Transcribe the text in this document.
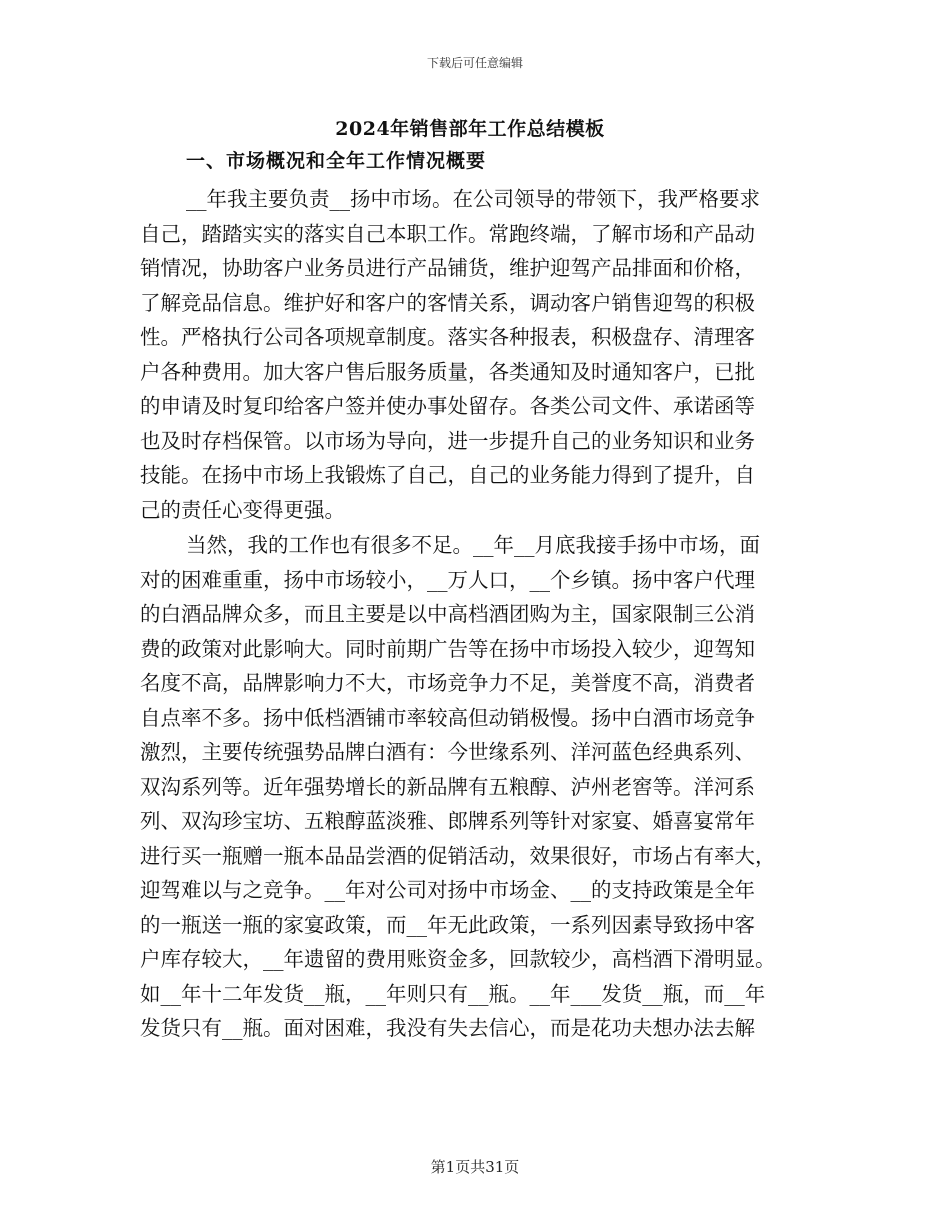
下载后可任意编辑
2024年销售部年工作总结模板
一、市场概况和全年工作情况概要
__年我主要负责__扬中市场。在公司领导的带领下，我严格要求
自己，踏踏实实的落实自己本职工作。常跑终端，了解市场和产品动
销情况，协助客户业务员进行产品铺货，维护迎驾产品排面和价格，
了解竞品信息。维护好和客户的客情关系，调动客户销售迎驾的积极
性。严格执行公司各项规章制度。落实各种报表，积极盘存、清理客
户各种费用。加大客户售后服务质量，各类通知及时通知客户，已批
的申请及时复印给客户签并使办事处留存。各类公司文件、承诺函等
也及时存档保管。以市场为导向，进一步提升自己的业务知识和业务
技能。在扬中市场上我锻炼了自己，自己的业务能力得到了提升，自
己的责任心变得更强。
当然，我的工作也有很多不足。__年__月底我接手扬中市场，面
对的困难重重，扬中市场较小，__万人口，__个乡镇。扬中客户代理
的白酒品牌众多，而且主要是以中高档酒团购为主，国家限制三公消
费的政策对此影响大。同时前期广告等在扬中市场投入较少，迎驾知
名度不高，品牌影响力不大，市场竞争力不足，美誉度不高，消费者
自点率不多。扬中低档酒铺市率较高但动销极慢。扬中白酒市场竞争
激烈，主要传统强势品牌白酒有：今世缘系列、洋河蓝色经典系列、
双沟系列等。近年强势增长的新品牌有五粮醇、泸州老窖等。洋河系
列、双沟珍宝坊、五粮醇蓝淡雅、郎牌系列等针对家宴、婚喜宴常年
进行买一瓶赠一瓶本品品尝酒的促销活动，效果很好，市场占有率大，
迎驾难以与之竞争。__年对公司对扬中市场金、__的支持政策是全年
的一瓶送一瓶的家宴政策，而__年无此政策，一系列因素导致扬中客
户库存较大，__年遗留的费用账资金多，回款较少，高档酒下滑明显。
如__年十二年发货__瓶，__年则只有__瓶。__年___发货__瓶，而__年
发货只有__瓶。面对困难，我没有失去信心，而是花功夫想办法去解
第1页共31页
